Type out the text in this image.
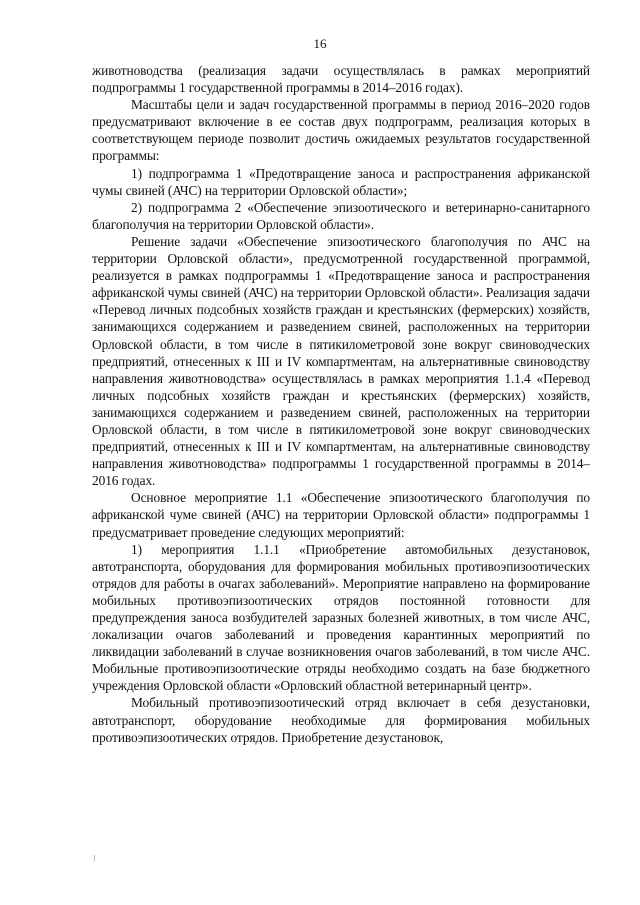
16

животноводства (реализация задачи осуществлялась в рамках мероприятий подпрограммы 1 государственной программы в 2014–2016 годах).

Масштабы цели и задач государственной программы в период 2016–2020 годов предусматривают включение в ее состав двух подпрограмм, реализация которых в соответствующем периоде позволит достичь ожидаемых результатов государственной программы:

1) подпрограмма 1 «Предотвращение заноса и распространения африканской чумы свиней (АЧС) на территории Орловской области»;

2) подпрограмма 2 «Обеспечение эпизоотического и ветеринарно-санитарного благополучия на территории Орловской области».

Решение задачи «Обеспечение эпизоотического благополучия по АЧС на территории Орловской области», предусмотренной государственной программой, реализуется в рамках подпрограммы 1 «Предотвращение заноса и распространения африканской чумы свиней (АЧС) на территории Орловской области». Реализация задачи «Перевод личных подсобных хозяйств граждан и крестьянских (фермерских) хозяйств, занимающихся содержанием и разведением свиней, расположенных на территории Орловской области, в том числе в пятикилометровой зоне вокруг свиноводческих предприятий, отнесенных к III и IV компартментам, на альтернативные свиноводству направления животноводства» осуществлялась в рамках мероприятия 1.1.4 «Перевод личных подсобных хозяйств граждан и крестьянских (фермерских) хозяйств, занимающихся содержанием и разведением свиней, расположенных на территории Орловской области, в том числе в пятикилометровой зоне вокруг свиноводческих предприятий, отнесенных к III и IV компартментам, на альтернативные свиноводству направления животноводства» подпрограммы 1 государственной программы в 2014–2016 годах.

Основное мероприятие 1.1 «Обеспечение эпизоотического благополучия по африканской чуме свиней (АЧС) на территории Орловской области» подпрограммы 1 предусматривает проведение следующих мероприятий:

1) мероприятия 1.1.1 «Приобретение автомобильных дезустановок, автотранспорта, оборудования для формирования мобильных противоэпизоотических отрядов для работы в очагах заболеваний». Мероприятие направлено на формирование мобильных противоэпизоотических отрядов постоянной готовности для предупреждения заноса возбудителей заразных болезней животных, в том числе АЧС, локализации очагов заболеваний и проведения карантинных мероприятий по ликвидации заболеваний в случае возникновения очагов заболеваний, в том числе АЧС. Мобильные противоэпизоотические отряды необходимо создать на базе бюджетного учреждения Орловской области «Орловский областной ветеринарный центр».

Мобильный противоэпизоотический отряд включает в себя дезустановки, автотранспорт, оборудование необходимые для формирования мобильных противоэпизоотических отрядов. Приобретение дезустановок,
